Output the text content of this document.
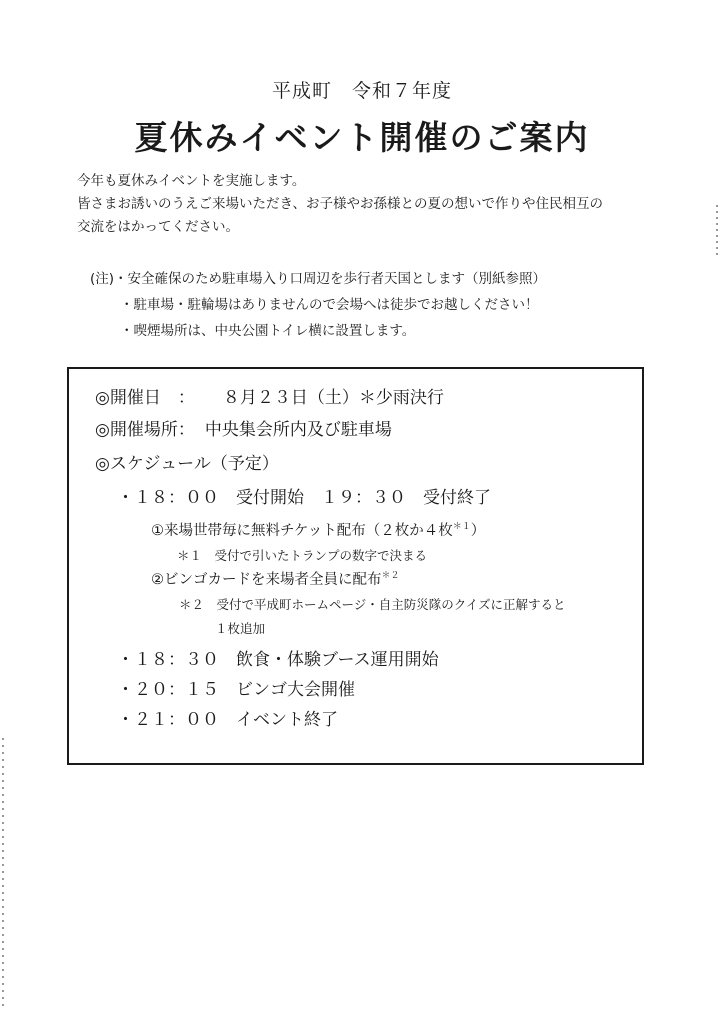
平成町　令和７年度
夏休みイベント開催のご案内

今年も夏休みイベントを実施します。

皆さまお誘いのうえご来場いただき、お子様やお孫様との夏の想いで作りや住民相互の

交流をはかってください。

(注)・安全確保のため駐車場入り口周辺を歩行者天国とします（別紙参照）
・駐車場・駐輪場はありませんので会場へは徒歩でお越しください！
・喫煙場所は、中央公園トイレ横に設置します。
◎開催日　： ８月２３日（土）＊少雨決行
◎開催場所： 中央集会所内及び駐車場
◎スケジュール（予定）
・１８：００　受付開始　１９：３０　受付終了
①来場世帯毎に無料チケット配布（２枚か４枚$^{*1}$）
＊１　受付で引いたトランプの数字で決まる
②ビンゴカードを来場者全員に配布$^{*2}$
＊２　受付で平成町ホームページ・自主防災隊のクイズに正解すると
１枚追加
・１８：３０　飲食・体験ブース運用開始
・２０：１５　ビンゴ大会開催
・２１：００　イベント終了
